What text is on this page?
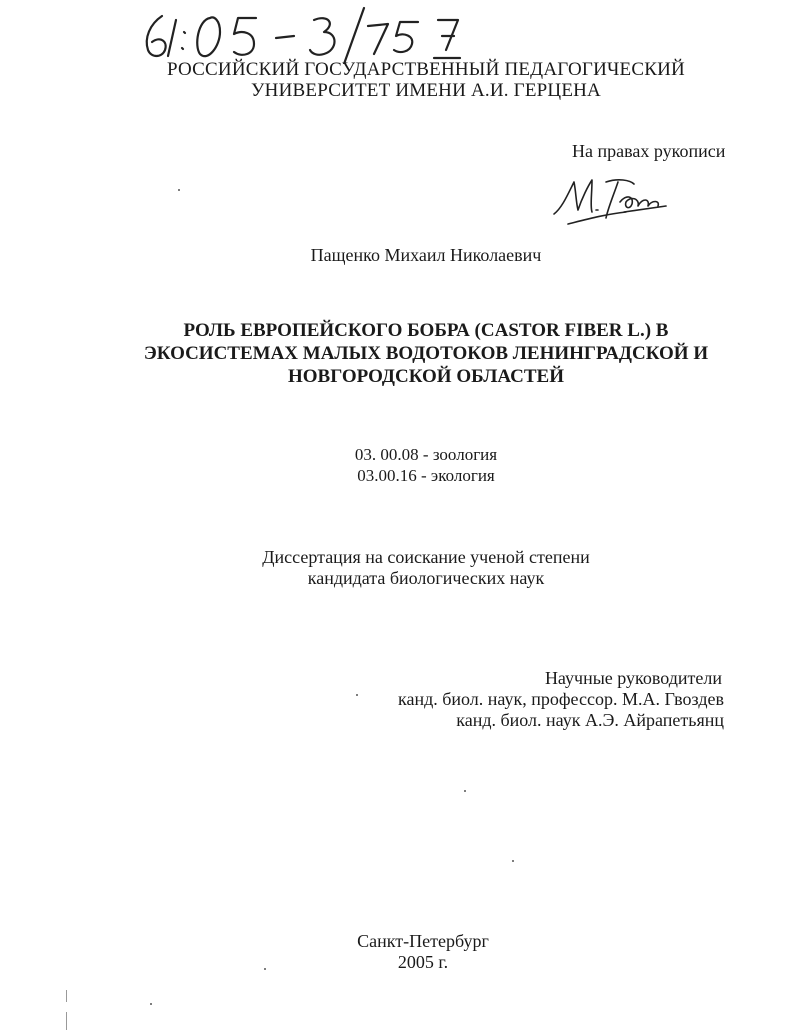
РОССИЙСКИЙ ГОСУДАРСТВЕННЫЙ ПЕДАГОГИЧЕСКИЙ
УНИВЕРСИТЕТ ИМЕНИ А.И. ГЕРЦЕНА
На правах рукописи
Пащенко Михаил Николаевич
РОЛЬ ЕВРОПЕЙСКОГО БОБРА (CASTOR FIBER L.) В
ЭКОСИСТЕМАХ МАЛЫХ ВОДОТОКОВ ЛЕНИНГРАДСКОЙ И
НОВГОРОДСКОЙ ОБЛАСТЕЙ
03. 00.08 - зоология
03.00.16 - экология
Диссертация на соискание ученой степени
кандидата биологических наук
Научные руководители
канд. биол. наук, профессор. М.А. Гвоздев
канд. биол. наук А.Э. Айрапетьянц
Санкт-Петербург
2005 г.
